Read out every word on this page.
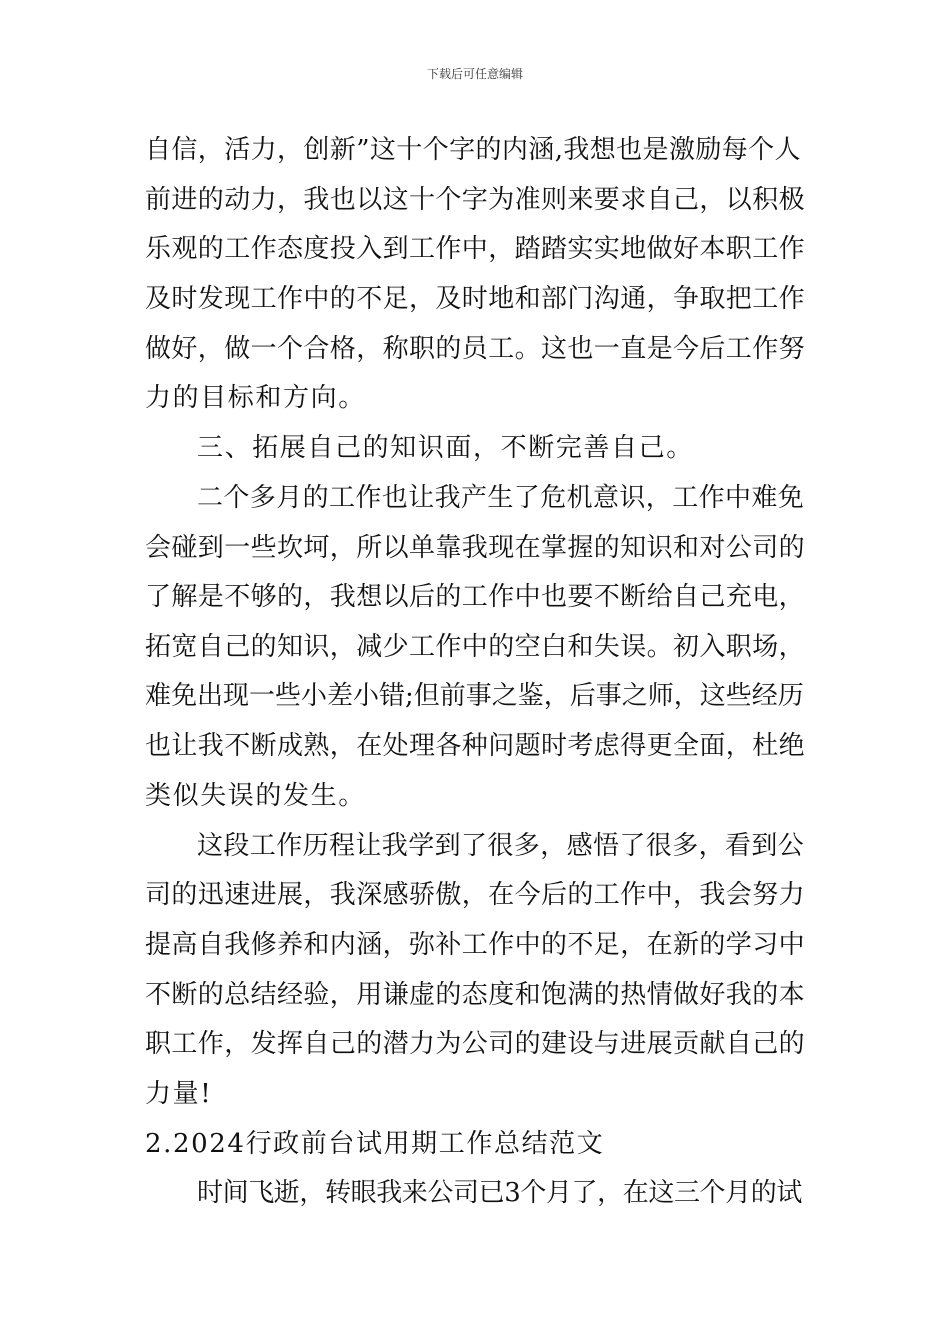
下载后可任意编辑
自信，活力，创新”这十个字的内涵,我想也是激励每个人
前进的动力，我也以这十个字为准则来要求自己，以积极
乐观的工作态度投入到工作中，踏踏实实地做好本职工作
及时发现工作中的不足，及时地和部门沟通，争取把工作
做好，做一个合格，称职的员工。这也一直是今后工作努
力的目标和方向。
三、拓展自己的知识面，不断完善自己。
二个多月的工作也让我产生了危机意识，工作中难免
会碰到一些坎坷，所以单靠我现在掌握的知识和对公司的
了解是不够的，我想以后的工作中也要不断给自己充电，
拓宽自己的知识，减少工作中的空白和失误。初入职场，
难免出现一些小差小错;但前事之鉴，后事之师，这些经历
也让我不断成熟，在处理各种问题时考虑得更全面，杜绝
类似失误的发生。
这段工作历程让我学到了很多，感悟了很多，看到公
司的迅速进展，我深感骄傲，在今后的工作中，我会努力
提高自我修养和内涵，弥补工作中的不足，在新的学习中
不断的总结经验，用谦虚的态度和饱满的热情做好我的本
职工作，发挥自己的潜力为公司的建设与进展贡献自己的
力量!
2.2024行政前台试用期工作总结范文
时间飞逝，转眼我来公司已3个月了，在这三个月的试
